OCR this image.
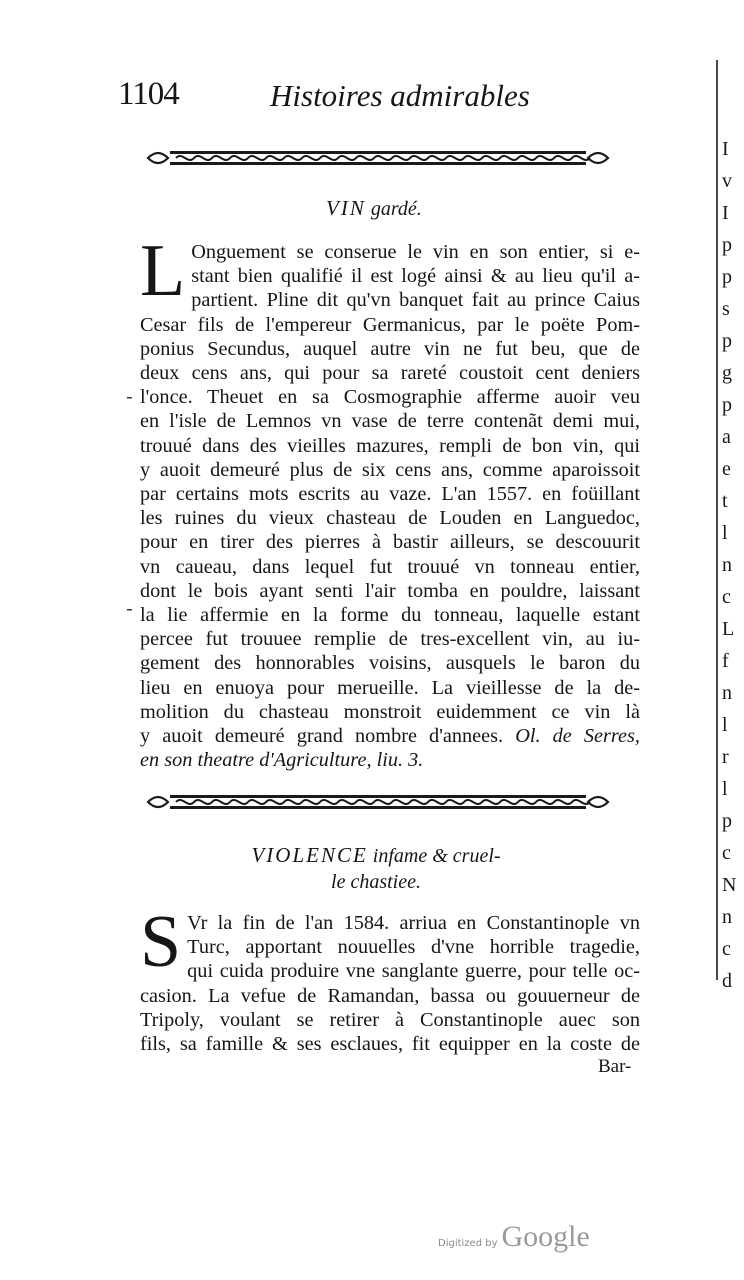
1104	Histoires admirables
VIN gardé.
L Onguement se conserue le vin en son entier, si e-
stant bien qualifié il est logé ainsi & au lieu qu'il a-
partient. Pline dit qu'vn banquet fait au prince Caius
Cesar fils de l'empereur Germanicus, par le poëte Pom-
ponius Secundus, auquel autre vin ne fut beu, que de
deux cens ans, qui pour sa rareté coustoit cent deniers
l'once. Theuet en sa Cosmographie afferme auoir veu
en l'isle de Lemnos vn vase de terre contenãt demi mui,
trouué dans des vieilles mazures, rempli de bon vin, qui
y auoit demeuré plus de six cens ans, comme aparoissoit
par certains mots escrits au vaze. L'an 1557. en foüillant
les ruines du vieux chasteau de Louden en Languedoc,
pour en tirer des pierres à bastir ailleurs, se descouurit
vn caueau, dans lequel fut trouué vn tonneau entier,
dont le bois ayant senti l'air tomba en pouldre, laissant
la lie affermie en la forme du tonneau, laquelle estant
percee fut trouuee remplie de tres-excellent vin, au iu-
gement des honnorables voisins, ausquels le baron du
lieu en enuoya pour merueille. La vieillesse de la de-
molition du chasteau monstroit euidemment ce vin là
y auoit demeuré grand nombre d'annees. Ol. de Serres,
en son theatre d'Agriculture, liu. 3.
VIOLENCE infame & cruel-
le chastiee.
S Vr la fin de l'an 1584. arriua en Constantinople vn
Turc, apportant nouuelles d'vne horrible tragedie,
qui cuida produire vne sanglante guerre, pour telle oc-
casion. La vefue de Ramandan, bassa ou gouuerneur de
Tripoly, voulant se retirer à Constantinople auec son
fils, sa famille & ses esclaues, fit equipper en la coste de
Bar-
-
-
I
v
I
p
p
s
p
g
p
a
e
t
l
n
c
L
f
n
l
r
l
p
c
N
n
c
d
Digitized by Google
